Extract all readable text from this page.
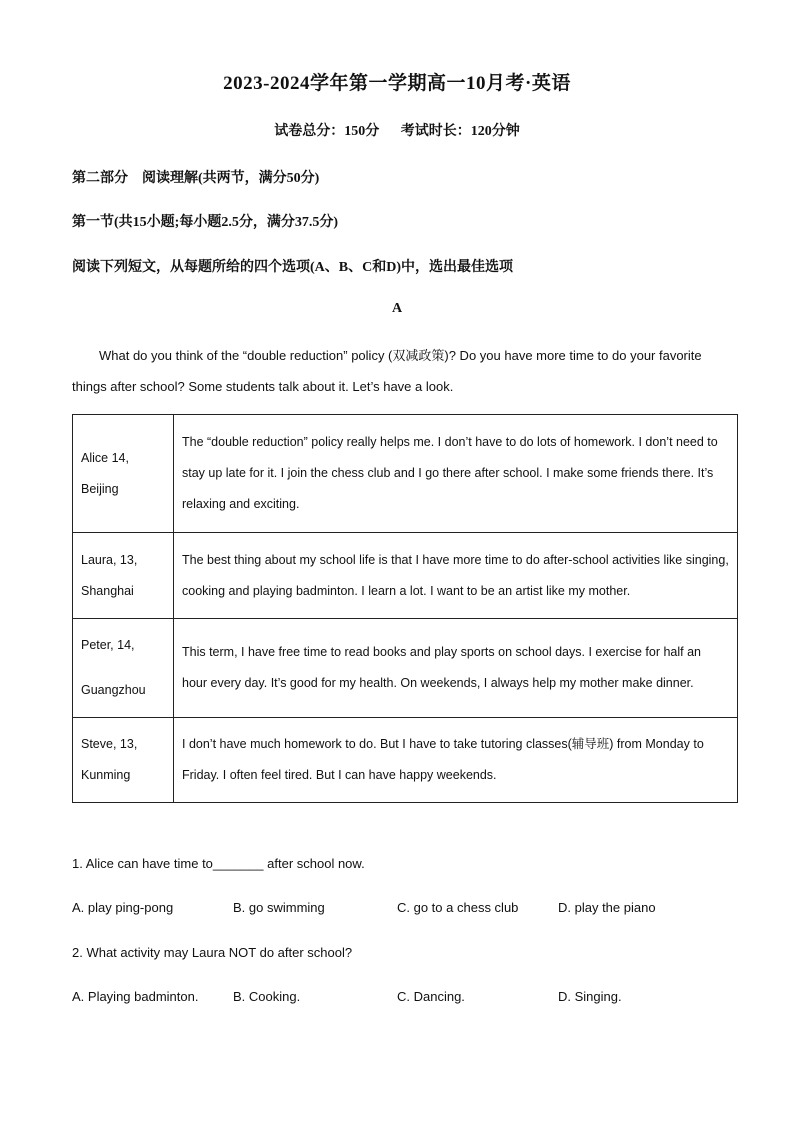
2023-2024学年第一学期高一10月考·英语
试卷总分：150分 考试时长：120分钟
第二部分　阅读理解(共两节，满分50分)
第一节(共15小题;每小题2.5分，满分37.5分)
阅读下列短文，从每题所给的四个选项(A、B、C和D)中，选出最佳选项
A
What do you think of the “double reduction” policy (双减政策)? Do you have more time to do your favorite things after school? Some students talk about it. Let’s have a look.
Alice 14,
Beijing	The “double reduction” policy really helps me. I don’t have to do lots of homework. I don’t need to stay up late for it. I join the chess club and I go there after school. I make some friends there. It’s relaxing and exciting.

Laura, 13,
Shanghai	The best thing about my school life is that I have more time to do after-school activities like singing, cooking and playing badminton. I learn a lot. I want to be an artist like my mother.

Peter, 14,
Guangzhou	This term, I have free time to read books and play sports on school days. I exercise for half an hour every day. It’s good for my health. On weekends, I always help my mother make dinner.

Steve, 13,
Kunming	I don’t have much homework to do. But I have to take tutoring classes(辅导班) from Monday to Friday. I often feel tired. But I can have happy weekends.
1. Alice can have time to_______ after school now.
A. play ping-pong	B. go swimming	C. go to a chess club	D. play the piano
2. What activity may Laura NOT do after school?
A. Playing badminton.	B. Cooking.	C. Dancing.	D. Singing.
